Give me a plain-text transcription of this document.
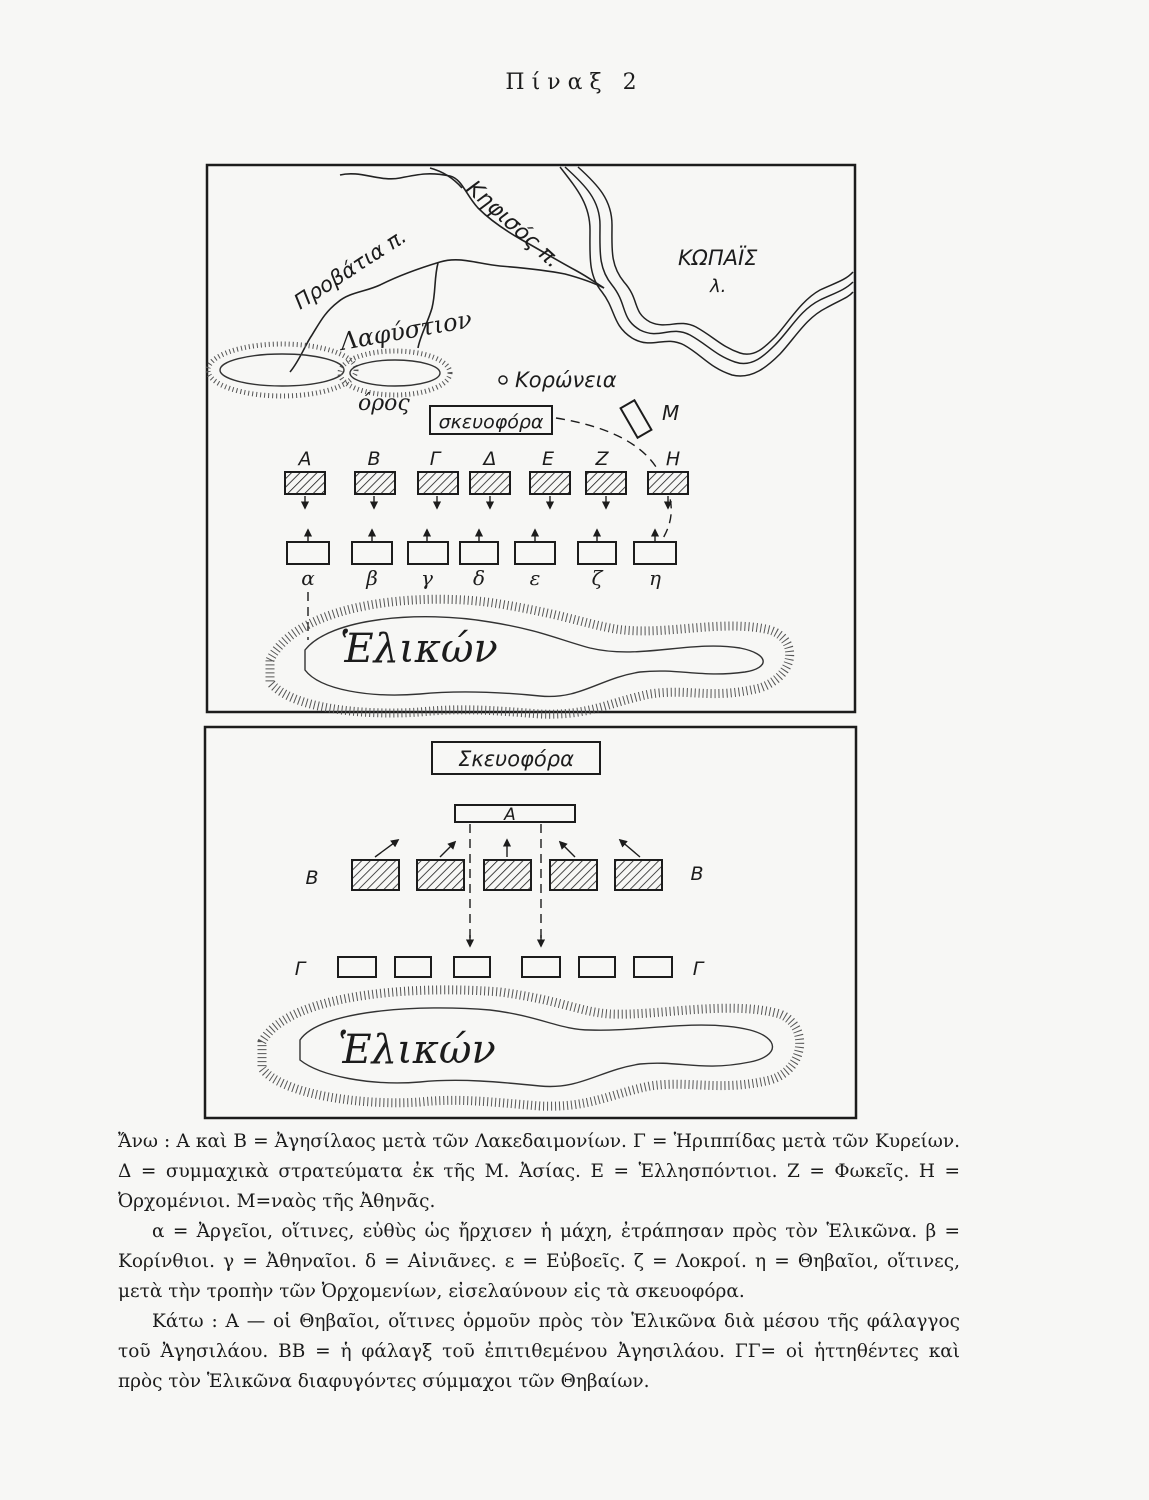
Πίναξ 2
Κηφισός π.
Προβάτια π.	ΚΩΠΑΪΣ
λ.
Λαφύστιον
όρος
Κορώνεια
σκευοφόρα	Μ
Α	Β	Γ Δ Ε Ζ	Η
α	β γ δ ε	ζ η
Ἑλικών
Σκευοφόρα
Α
Β	Β
Γ	Γ
Ἑλικών

Ἄνω : Α καὶ Β = Ἀγησίλαος μετὰ τῶν Λακεδαιμονίων. Γ = Ἡριππίδας μετὰ τῶν Κυρείων. Δ = συμμαχικὰ στρατεύματα ἐκ τῆς Μ. Ἀσίας. Ε = Ἑλλησπόντιοι. Ζ = Φωκεῖς. Η = Ὀρχομένιοι. Μ=ναὸς τῆς Ἀθηνᾶς.

α = Ἀργεῖοι, οἵτινες, εὐθὺς ὡς ἤρχισεν ἡ μάχη, ἐτράπησαν πρὸς τὸν Ἑλικῶνα. β = Κορίνθιοι. γ = Ἀθηναῖοι. δ = Αἰνιᾶνες. ε = Εὐβοεῖς. ζ = Λοκροί. η = Θηβαῖοι, οἵτινες, μετὰ τὴν τροπὴν τῶν Ὀρχομενίων, εἰσελαύνουν εἰς τὰ σκευοφόρα.

Κάτω : Α — οἱ Θηβαῖοι, οἵτινες ὁρμοῦν πρὸς τὸν Ἑλικῶνα διὰ μέσου τῆς φάλαγγος τοῦ Ἀγησιλάου. ΒΒ = ἡ φάλαγξ τοῦ ἐπιτιθεμένου Ἀγησιλάου. ΓΓ= οἱ ἡττηθέντες καὶ πρὸς τὸν Ἑλικῶνα διαφυγόντες σύμμαχοι τῶν Θηβαίων.
